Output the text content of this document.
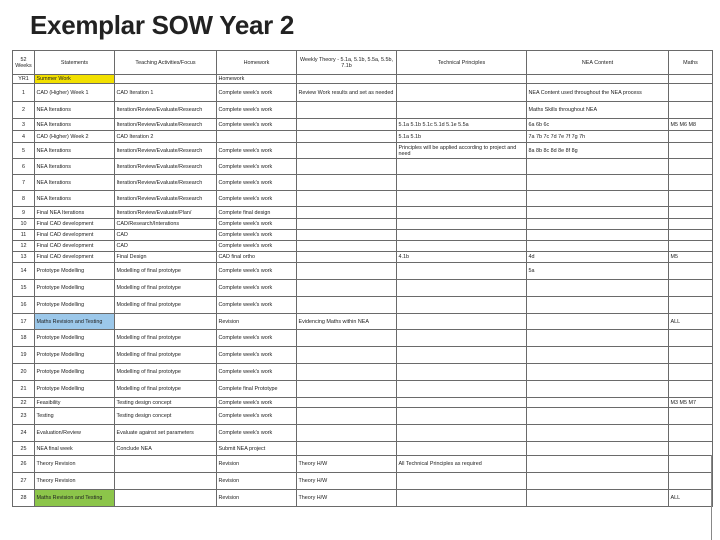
Exemplar SOW Year 2
52 Weeks	Statements	Teaching Activities/Focus	Homework	Weekly Theory - 5.1a, 5.1b, 5.5a, 5.5b, 7.1b	Technical Principles	NEA Content	Maths
YR1	Summer Work		Homework				
1	CAD (Higher) Week 1	CAD Iteration 1	Complete week's work	Review Work results and set as needed		NEA Content used throughout the NEA process	
2	NEA Iterations	Iteration/Review/Evaluate/Research	Complete week's work			Maths Skills throughout NEA	
3	NEA Iterations	Iteration/Review/Evaluate/Research	Complete week's work		5.1a 5.1b 5.1c 5.1d 5.1e 5.5a	6a 6b 6c	M5 M6 M8
4	CAD (Higher) Week 2	CAD Iteration 2			5.1a 5.1b	7a 7b 7c 7d 7e 7f 7g 7h	
5	NEA Iterations	Iteration/Review/Evaluate/Research	Complete week's work		Principles will be applied according to project and need	8a 8b 8c 8d 8e 8f 8g	
6	NEA Iterations	Iteration/Review/Evaluate/Research	Complete week's work				
7	NEA Iterations	Iteration/Review/Evaluate/Research	Complete week's work				
8	NEA Iterations	Iteration/Review/Evaluate/Research	Complete week's work				
9	Final NEA Iterations	Iteration/Review/Evaluate/Plan/	Complete final design				
10	Final CAD development	CAD/Research/Interations	Complete week's work				
11	Final CAD development	CAD	Complete week's work				
12	Final CAD development	CAD	Complete week's work				
13	Final CAD development	Final Design	CAD final ortho		4.1b	4d	M5
14	Prototype Modelling	Modelling of final prototype	Complete week's work			5a	
15	Prototype Modelling	Modelling of final prototype	Complete week's work				
16	Prototype Modelling	Modelling of final prototype	Complete week's work				
17	Maths Revision and Testing		Revision	Evidencing Maths within NEA			ALL
18	Prototype Modelling	Modelling of final prototype	Complete week's work				
19	Prototype Modelling	Modelling of final prototype	Complete week's work				
20	Prototype Modelling	Modelling of final prototype	Complete week's work				
21	Prototype Modelling	Modelling of final prototype	Complete final Prototype				
22	Feasibility	Testing design concept	Complete week's work				M3 M5 M7
23	Testing	Testing design concept	Complete week's work				
24	Evaluation/Review	Evaluate against set parameters	Complete week's work				
25	NEA final week	Conclude NEA	Submit NEA project				
26	Theory Revision		Revision	Theory H/W	All Technical Principles as required		
27	Theory Revision		Revision	Theory H/W			
28	Maths Revision and Testing		Revision	Theory H/W			ALL
